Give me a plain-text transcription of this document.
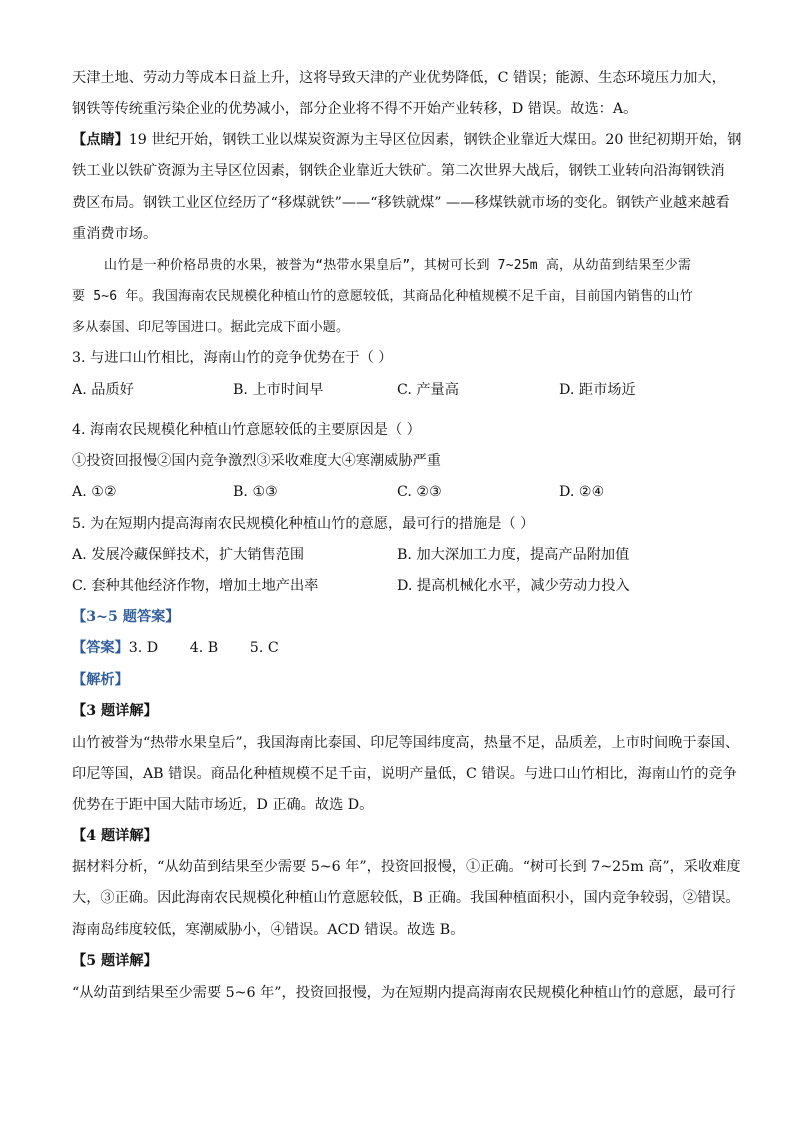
天津土地、劳动力等成本日益上升，这将导致天津的产业优势降低，C 错误；能源、生态环境压力加大，
钢铁等传统重污染企业的优势减小，部分企业将不得不开始产业转移，D 错误。故选：A。
【点睛】19 世纪开始，钢铁工业以煤炭资源为主导区位因素，钢铁企业靠近大煤田。20 世纪初期开始，钢
铁工业以铁矿资源为主导区位因素，钢铁企业靠近大铁矿。第二次世界大战后，钢铁工业转向沿海钢铁消
费区布局。钢铁工业区位经历了“移煤就铁”——“移铁就煤” ——移煤铁就市场的变化。钢铁产业越来越看
重消费市场。
山竹是一种价格昂贵的水果，被誉为“热带水果皇后”，其树可长到 7~25m 高，从幼苗到结果至少需
要 5~6 年。我国海南农民规模化种植山竹的意愿较低，其商品化种植规模不足千亩，目前国内销售的山竹
多从泰国、印尼等国进口。据此完成下面小题。
3. 与进口山竹相比，海南山竹的竞争优势在于（ ）
A. 品质好	B. 上市时间早	C. 产量高	D. 距市场近
4. 海南农民规模化种植山竹意愿较低的主要原因是（ ）
①投资回报慢②国内竞争激烈③采收难度大④寒潮威胁严重
A. ①②	B. ①③	C. ②③	D. ②④
5. 为在短期内提高海南农民规模化种植山竹的意愿，最可行的措施是（ ）
A. 发展冷藏保鲜技术，扩大销售范围	B. 加大深加工力度，提高产品附加值
C. 套种其他经济作物，增加土地产出率	D. 提高机械化水平，减少劳动力投入
【3~5 题答案】
【答案】3. D       4. B       5. C
【解析】
【3 题详解】
山竹被誉为“热带水果皇后”，我国海南比泰国、印尼等国纬度高，热量不足，品质差，上市时间晚于泰国、
印尼等国，AB 错误。商品化种植规模不足千亩，说明产量低，C 错误。与进口山竹相比，海南山竹的竞争
优势在于距中国大陆市场近，D 正确。故选 D。
【4 题详解】
据材料分析，“从幼苗到结果至少需要 5~6 年”，投资回报慢，①正确。“树可长到 7~25m 高”，采收难度
大，③正确。因此海南农民规模化种植山竹意愿较低，B 正确。我国种植面积小，国内竞争较弱，②错误。
海南岛纬度较低，寒潮威胁小，④错误。ACD 错误。故选 B。
【5 题详解】
“从幼苗到结果至少需要 5~6 年”，投资回报慢，为在短期内提高海南农民规模化种植山竹的意愿，最可行
